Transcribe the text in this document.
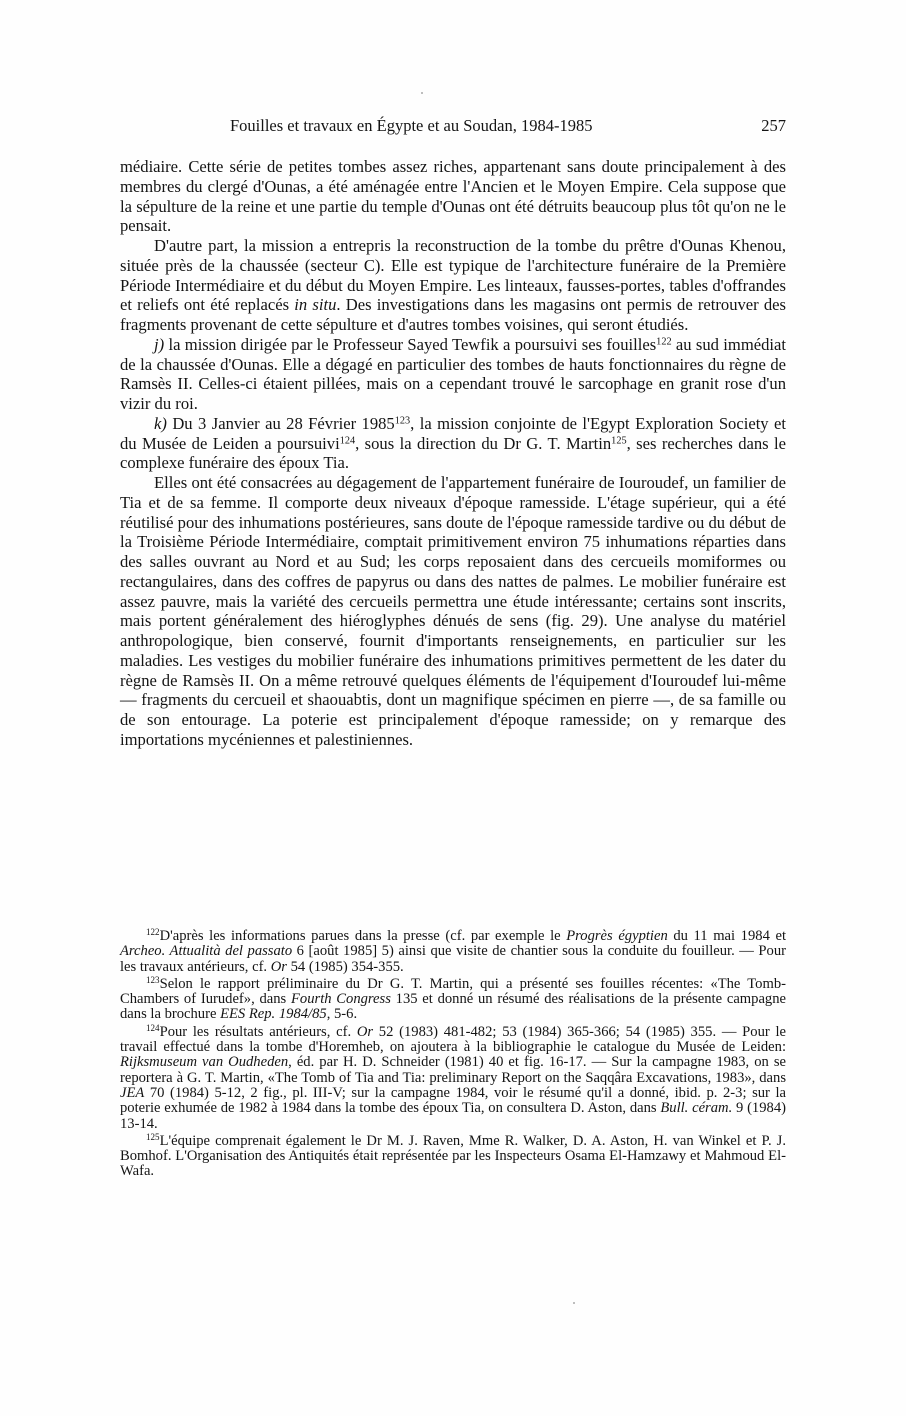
Fouilles et travaux en Égypte et au Soudan, 1984-1985	257

médiaire. Cette série de petites tombes assez riches, appartenant sans doute principalement à des membres du clergé d'Ounas, a été aménagée entre l'Ancien et le Moyen Empire. Cela suppose que la sépulture de la reine et une partie du temple d'Ounas ont été détruits beaucoup plus tôt qu'on ne le pensait.

D'autre part, la mission a entrepris la reconstruction de la tombe du prêtre d'Ounas Khenou, située près de la chaussée (secteur C). Elle est typique de l'architecture funéraire de la Première Période Intermédiaire et du début du Moyen Empire. Les linteaux, fausses-portes, tables d'offrandes et reliefs ont été replacés in situ. Des investigations dans les magasins ont permis de retrouver des fragments provenant de cette sépulture et d'autres tombes voisines, qui seront étudiés.

j) la mission dirigée par le Professeur Sayed Tewfik a poursuivi ses fouilles$^{122}$ au sud immédiat de la chaussée d'Ounas. Elle a dégagé en particulier des tombes de hauts fonctionnaires du règne de Ramsès II. Celles-ci étaient pillées, mais on a cependant trouvé le sarcophage en granit rose d'un vizir du roi.

k) Du 3 Janvier au 28 Février 1985$^{123}$, la mission conjointe de l'Egypt Exploration Society et du Musée de Leiden a poursuivi$^{124}$, sous la direction du Dr G. T. Martin$^{125}$, ses recherches dans le complexe funéraire des époux Tia.

Elles ont été consacrées au dégagement de l'appartement funéraire de Iouroudef, un familier de Tia et de sa femme. Il comporte deux niveaux d'époque ramesside. L'étage supérieur, qui a été réutilisé pour des inhumations postérieures, sans doute de l'époque ramesside tardive ou du début de la Troisième Période Intermédiaire, comptait primitivement environ 75 inhumations réparties dans des salles ouvrant au Nord et au Sud; les corps reposaient dans des cercueils momiformes ou rectangulaires, dans des coffres de papyrus ou dans des nattes de palmes. Le mobilier funéraire est assez pauvre, mais la variété des cercueils permettra une étude intéressante; certains sont inscrits, mais portent généralement des hiéroglyphes dénués de sens (fig. 29). Une analyse du matériel anthropologique, bien conservé, fournit d'importants renseignements, en particulier sur les maladies. Les vestiges du mobilier funéraire des inhumations primitives permettent de les dater du règne de Ramsès II. On a même retrouvé quelques éléments de l'équipement d'Iouroudef lui-même — fragments du cercueil et shaouabtis, dont un magnifique spécimen en pierre —, de sa famille ou de son entourage. La poterie est principalement d'époque ramesside; on y remarque des importations mycéniennes et palestiniennes.

$^{122}$D'après les informations parues dans la presse (cf. par exemple le Progrès égyptien du 11 mai 1984 et Archeo. Attualità del passato 6 [août 1985] 5) ainsi que visite de chantier sous la conduite du fouilleur. — Pour les travaux antérieurs, cf. Or 54 (1985) 354-355.

$^{123}$Selon le rapport préliminaire du Dr G. T. Martin, qui a présenté ses fouilles récentes: «The Tomb-Chambers of Iurudef», dans Fourth Congress 135 et donné un résumé des réalisations de la présente campagne dans la brochure EES Rep. 1984/85, 5-6.

$^{124}$Pour les résultats antérieurs, cf. Or 52 (1983) 481-482; 53 (1984) 365-366; 54 (1985) 355. — Pour le travail effectué dans la tombe d'Horemheb, on ajoutera à la bibliographie le catalogue du Musée de Leiden: Rijksmuseum van Oudheden, éd. par H. D. Schneider (1981) 40 et fig. 16-17. — Sur la campagne 1983, on se reportera à G. T. Martin, «The Tomb of Tia and Tia: preliminary Report on the Saqqâra Excavations, 1983», dans JEA 70 (1984) 5-12, 2 fig., pl. III-V; sur la campagne 1984, voir le résumé qu'il a donné, ibid. p. 2-3; sur la poterie exhumée de 1982 à 1984 dans la tombe des époux Tia, on consultera D. Aston, dans Bull. céram. 9 (1984) 13-14.

$^{125}$L'équipe comprenait également le Dr M. J. Raven, Mme R. Walker, D. A. Aston, H. van Winkel et P. J. Bomhof. L'Organisation des Antiquités était représentée par les Inspecteurs Osama El-Hamzawy et Mahmoud El-Wafa.
